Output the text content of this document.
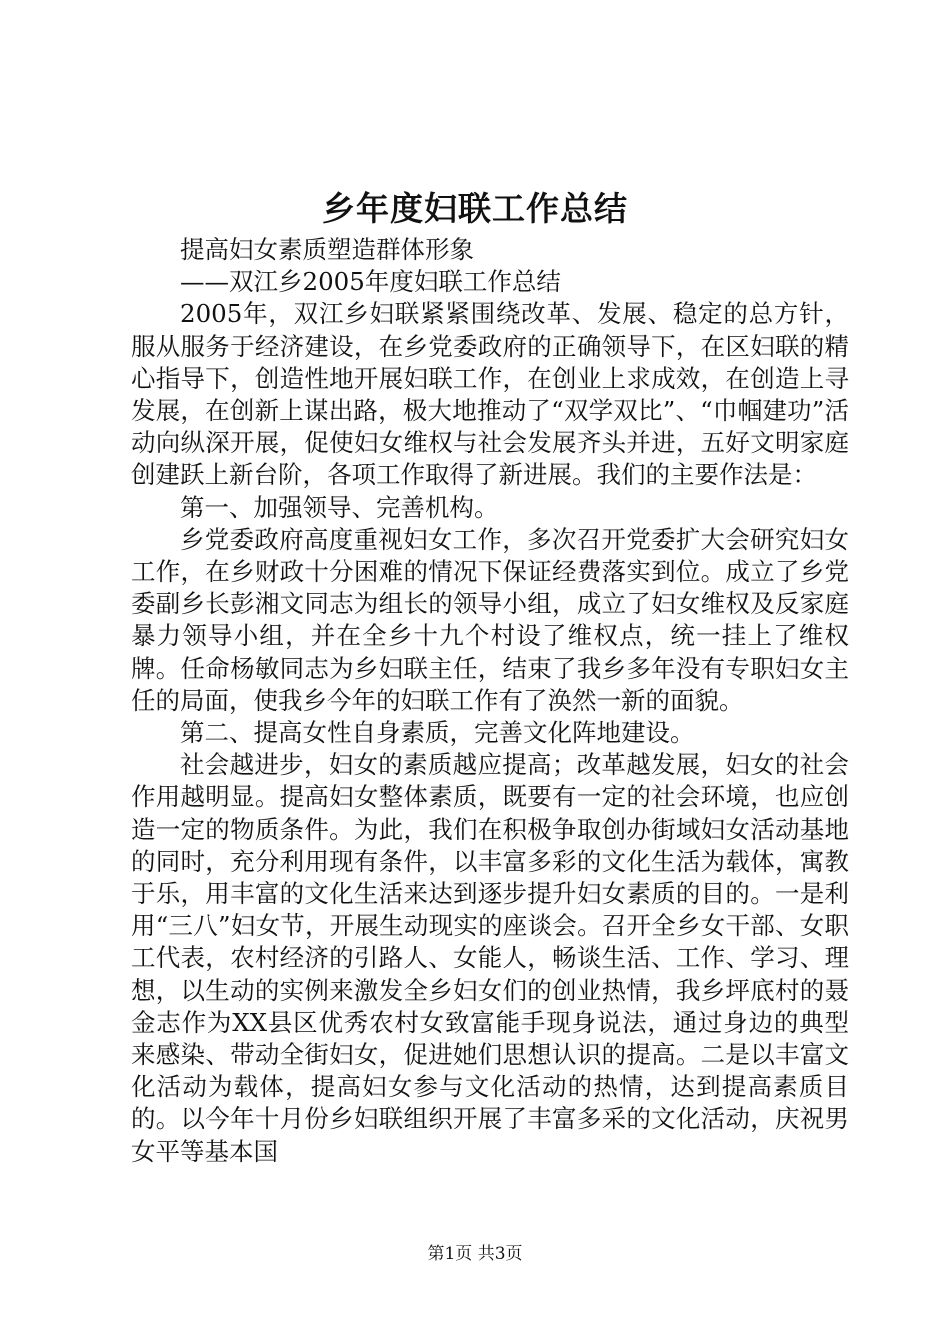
乡年度妇联工作总结

提高妇女素质塑造群体形象

——双江乡2005年度妇联工作总结

2005年，双江乡妇联紧紧围绕改革、发展、稳定的总方针，服从服务于经济建设，在乡党委政府的正确领导下，在区妇联的精心指导下，创造性地开展妇联工作，在创业上求成效，在创造上寻发展，在创新上谋出路，极大地推动了“双学双比”、“巾帼建功”活动向纵深开展，促使妇女维权与社会发展齐头并进，五好文明家庭创建跃上新台阶，各项工作取得了新进展。我们的主要作法是：

第一、加强领导、完善机构。

乡党委政府高度重视妇女工作，多次召开党委扩大会研究妇女工作，在乡财政十分困难的情况下保证经费落实到位。成立了乡党委副乡长彭湘文同志为组长的领导小组，成立了妇女维权及反家庭暴力领导小组，并在全乡十九个村设了维权点，统一挂上了维权牌。任命杨敏同志为乡妇联主任，结束了我乡多年没有专职妇女主任的局面，使我乡今年的妇联工作有了涣然一新的面貌。

第二、提高女性自身素质，完善文化阵地建设。

社会越进步，妇女的素质越应提高；改革越发展，妇女的社会作用越明显。提高妇女整体素质，既要有一定的社会环境，也应创造一定的物质条件。为此，我们在积极争取创办街域妇女活动基地的同时，充分利用现有条件，以丰富多彩的文化生活为载体，寓教于乐，用丰富的文化生活来达到逐步提升妇女素质的目的。一是利用“三八”妇女节，开展生动现实的座谈会。召开全乡女干部、女职工代表，农村经济的引路人、女能人，畅谈生活、工作、学习、理想，以生动的实例来激发全乡妇女们的创业热情，我乡坪底村的聂金志作为XX县区优秀农村女致富能手现身说法，通过身边的典型来感染、带动全街妇女，促进她们思想认识的提高。二是以丰富文化活动为载体，提高妇女参与文化活动的热情，达到提高素质目的。以今年十月份乡妇联组织开展了丰富多采的文化活动，庆祝男女平等基本国

第1页 共3页
